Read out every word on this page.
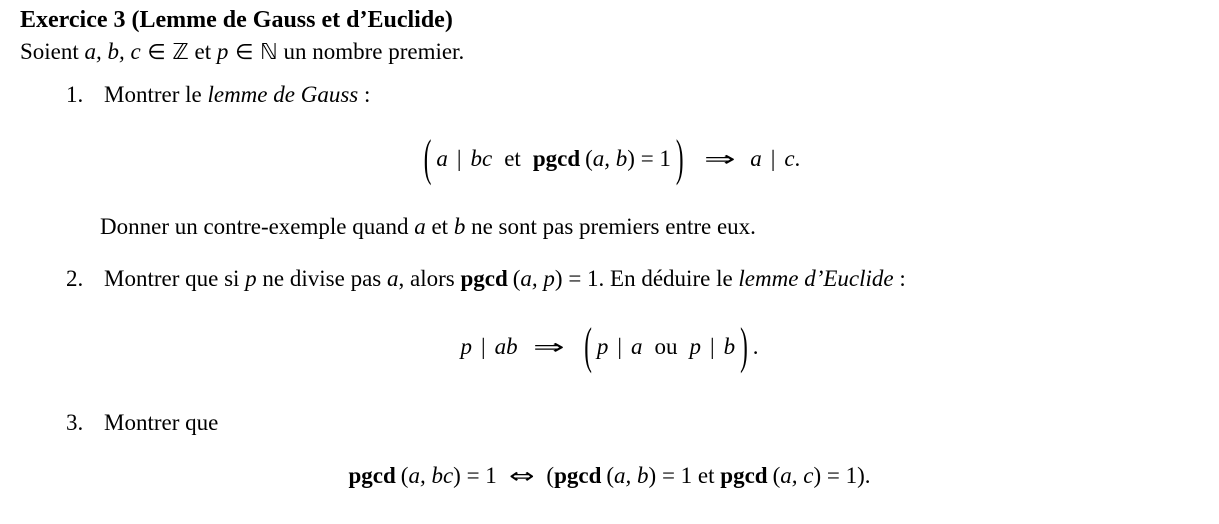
Exercice 3 (Lemme de Gauss et d’Euclide)
Soient a, b, c ∈ ℤ et p ∈ ℕ un nombre premier.
1. Montrer le lemme de Gauss :
( a | bc et pgcd (a, b) = 1 ) ⇒ a | c.
Donner un contre-exemple quand a et b ne sont pas premiers entre eux.
2. Montrer que si p ne divise pas a, alors pgcd (a, p) = 1. En déduire le lemme d’Euclide :
p | ab ⇒ ( p | a ou p | b ) .
3. Montrer que
pgcd (a, bc) = 1 ⇔ (pgcd (a, b) = 1 et pgcd (a, c) = 1).
